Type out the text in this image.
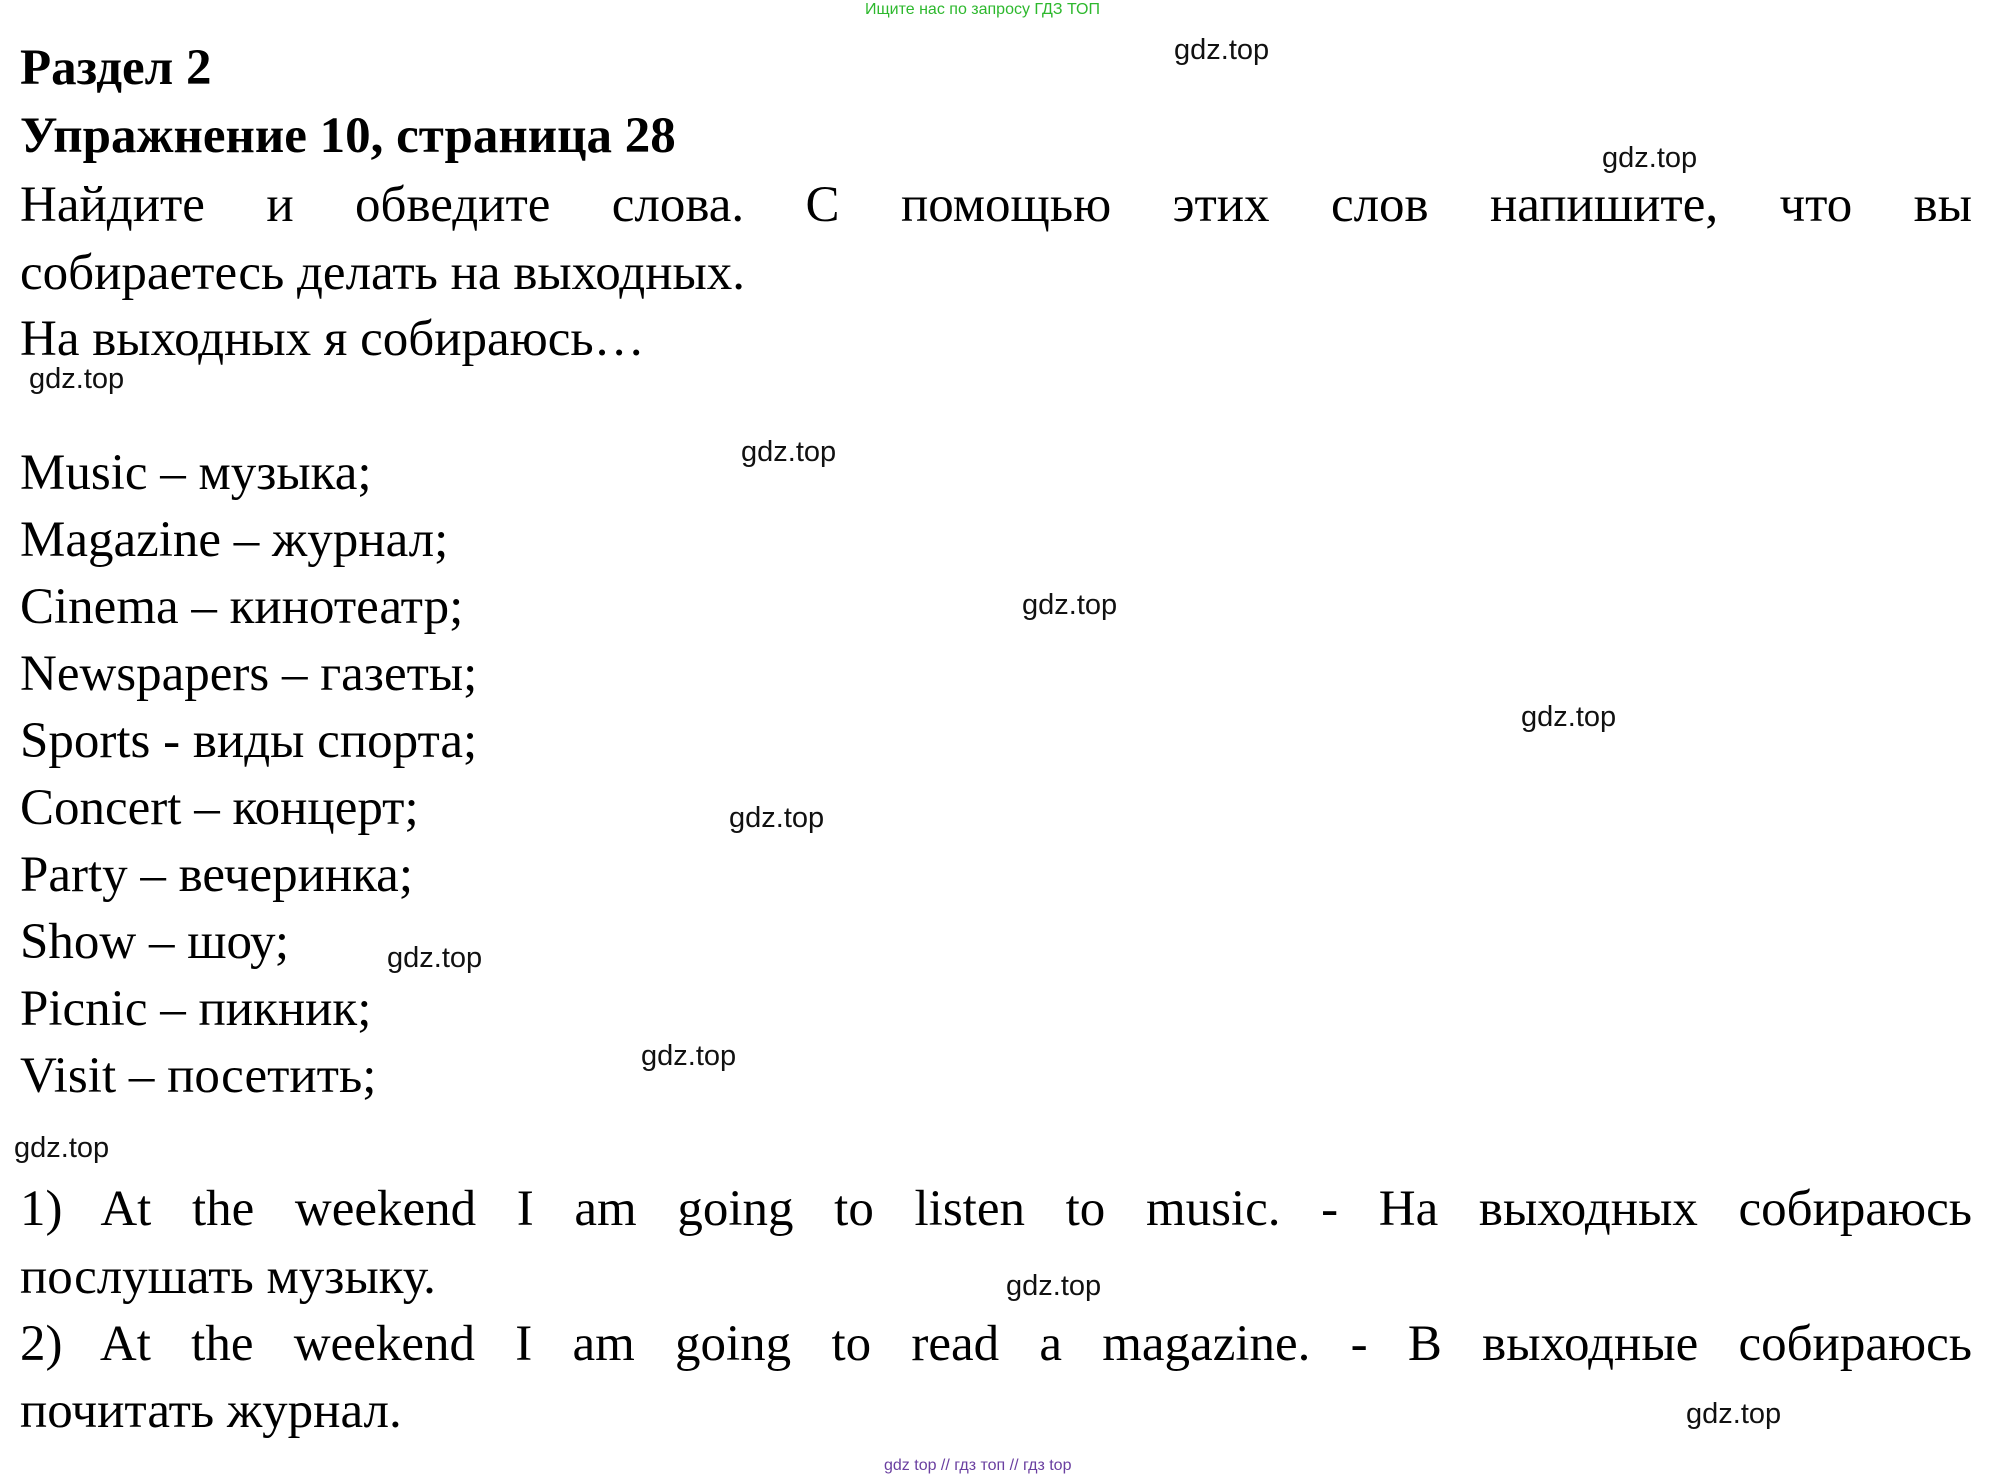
Ищите нас по запросу ГДЗ ТОП
Раздел 2
Упражнение 10, страница 28
Найдите и обведите слова. С помощью этих слов напишите, что вы
собираетесь делать на выходных.
На выходных я собираюсь…
Music – музыка;
Magazine – журнал;
Cinema – кинотеатр;
Newspapers – газеты;
Sports - виды спорта;
Concert – концерт;
Party – вечеринка;
Show – шоу;
Picnic – пикник;
Visit – посетить;
1) At the weekend I am going to listen to music. - На выходных собираюсь
послушать музыку.
2) At the weekend I am going to read a magazine. - В выходные собираюсь
почитать журнал.
gdz.top
gdz.top
gdz.top
gdz.top
gdz.top
gdz.top
gdz.top
gdz.top
gdz.top
gdz.top
gdz.top
gdz.top
gdz top // гдз топ // гдз top
